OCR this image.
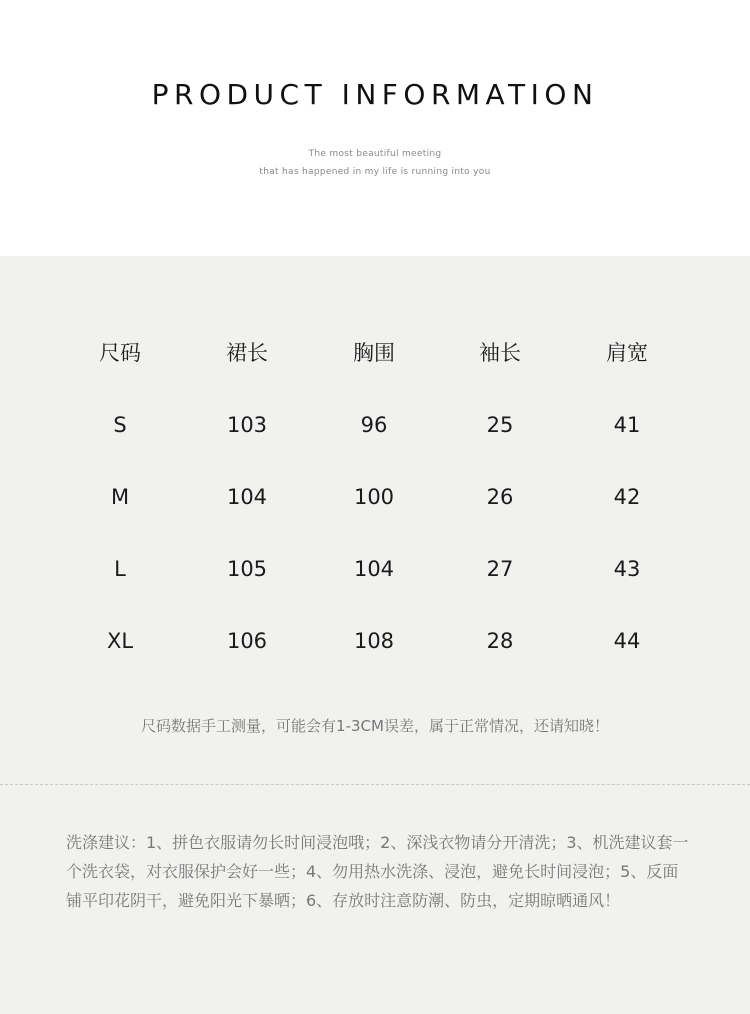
PRODUCT INFORMATION
The most beautiful meeting
that has happened in my life is running into you
尺码	裙长	胸围	袖长	肩宽
S	103	96	25	41
M	104	100	26	42
L	105	104	27	43
XL	106	108	28	44
尺码数据手工测量，可能会有1-3CM误差，属于正常情况，还请知晓！
洗涤建议：1、拼色衣服请勿长时间浸泡哦；2、深浅衣物请分开清洗；3、机洗建议套一个洗衣袋，对衣服保护会好一些；4、勿用热水洗涤、浸泡，避免长时间浸泡；5、反面铺平印花阴干，避免阳光下暴晒；6、存放时注意防潮、防虫，定期晾晒通风！
